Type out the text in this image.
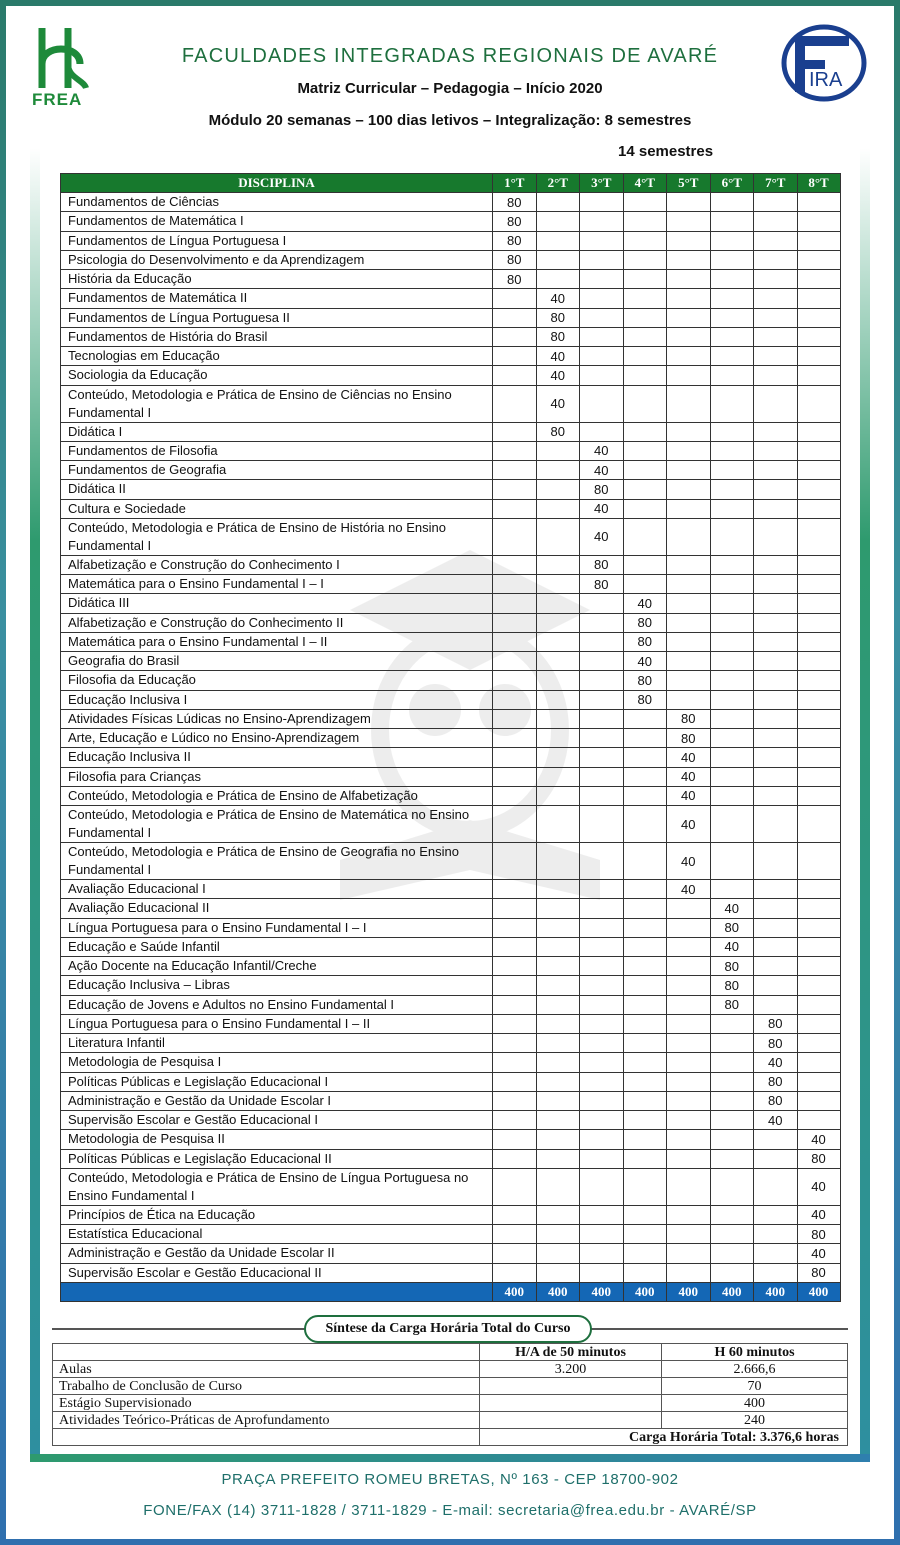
FREA
IRA
FACULDADES INTEGRADAS REGIONAIS DE AVARÉ
Matriz Curricular – Pedagogia – Início 2020
Módulo 20 semanas – 100 dias letivos – Integralização: 8 semestres
14 semestres
DISCIPLINA	1°T	2°T	3°T	4°T	5°T	6°T	7°T	8°T
Fundamentos de Ciências	80							
Fundamentos de Matemática I	80							
Fundamentos de Língua Portuguesa I	80							
Psicologia do Desenvolvimento e da Aprendizagem	80							
História da Educação	80							
Fundamentos de Matemática II		40						
Fundamentos de Língua Portuguesa II		80						
Fundamentos de História do Brasil		80						
Tecnologias em Educação		40						
Sociologia da Educação		40						
Conteúdo, Metodologia e Prática de Ensino de Ciências no Ensino Fundamental I		40						
Didática I		80						
Fundamentos de Filosofia			40					
Fundamentos de Geografia			40					
Didática II			80					
Cultura e Sociedade			40					
Conteúdo, Metodologia e Prática de Ensino de História no Ensino Fundamental I			40					
Alfabetização e Construção do Conhecimento I			80					
Matemática para o Ensino Fundamental I – I			80					
Didática III				40				
Alfabetização e Construção do Conhecimento II				80				
Matemática para o Ensino Fundamental I – II				80				
Geografia do Brasil				40				
Filosofia da Educação				80				
Educação Inclusiva I				80				
Atividades Físicas Lúdicas no Ensino-Aprendizagem					80			
Arte, Educação e Lúdico no Ensino-Aprendizagem					80			
Educação Inclusiva II					40			
Filosofia para Crianças					40			
Conteúdo, Metodologia e Prática de Ensino de Alfabetização					40			
Conteúdo, Metodologia e Prática de Ensino de Matemática no Ensino Fundamental I					40			
Conteúdo, Metodologia e Prática de Ensino de Geografia no Ensino Fundamental I					40			
Avaliação Educacional I					40			
Avaliação Educacional II						40		
Língua Portuguesa para o Ensino Fundamental I – I						80		
Educação e Saúde Infantil						40		
Ação Docente na Educação Infantil/Creche						80		
Educação Inclusiva – Libras						80		
Educação de Jovens e Adultos no Ensino Fundamental I						80		
Língua Portuguesa para o Ensino Fundamental I – II							80	
Literatura Infantil							80	
Metodologia de Pesquisa I							40	
Políticas Públicas e Legislação Educacional I							80	
Administração e Gestão da Unidade Escolar I							80	
Supervisão Escolar e Gestão Educacional I							40	
Metodologia de Pesquisa II								40
Políticas Públicas e Legislação Educacional II								80
Conteúdo, Metodologia e Prática de Ensino de Língua Portuguesa no Ensino Fundamental I								40
Princípios de Ética na Educação								40
Estatística Educacional								80
Administração e Gestão da Unidade Escolar II								40
Supervisão Escolar e Gestão Educacional II								80
	400	400	400	400	400	400	400	400
Síntese da Carga Horária Total do Curso
	H/A de 50 minutos	H 60 minutos
Aulas	3.200	2.666,6
Trabalho de Conclusão de Curso		70
Estágio Supervisionado		400
Atividades Teórico-Práticas de Aprofundamento		240
	Carga Horária Total: 3.376,6 horas	
PRAÇA PREFEITO ROMEU BRETAS, Nº 163 - CEP 18700-902
FONE/FAX (14) 3711-1828 / 3711-1829 - E-mail: secretaria@frea.edu.br - AVARÉ/SP
